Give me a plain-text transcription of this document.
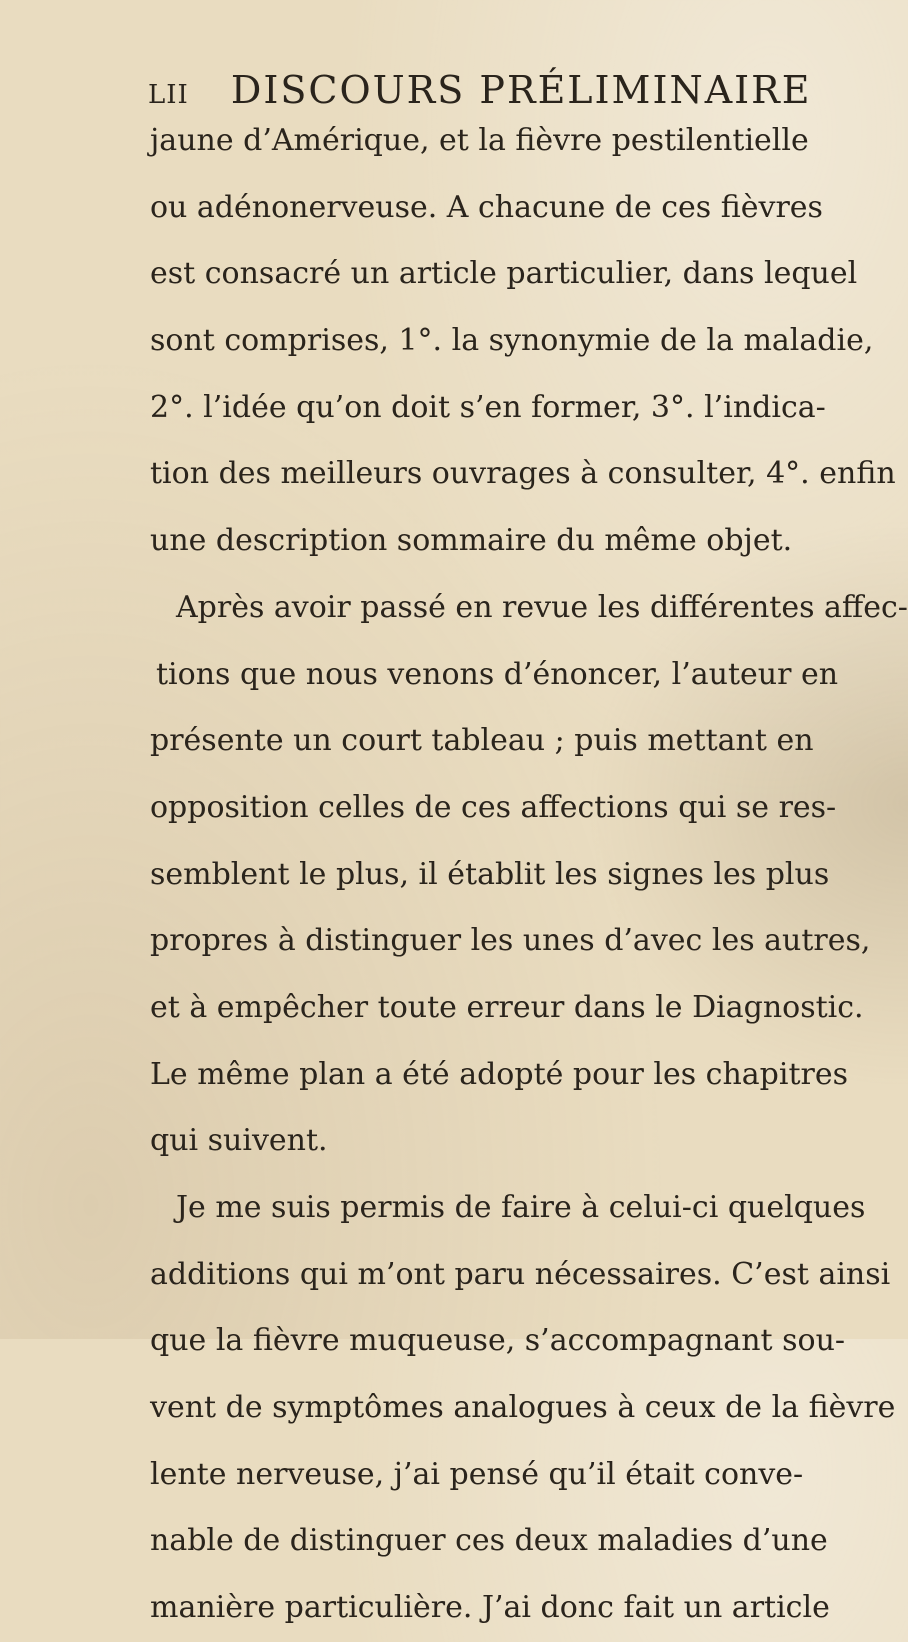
LII DISCOURS PRÉLIMINAIRE
jaune d’Amérique, et la fièvre pestilentielle
ou adénonerveuse. A chacune de ces fièvres
est consacré un article particulier, dans lequel
sont comprises, 1°. la synonymie de la maladie,
2°. l’idée qu’on doit s’en former, 3°. l’indica-
tion des meilleurs ouvrages à consulter, 4°. enfin
une description sommaire du même objet.
Après avoir passé en revue les différentes affec-
tions que nous venons d’énoncer, l’auteur en
présente un court tableau ; puis mettant en
opposition celles de ces affections qui se res-
semblent le plus, il établit les signes les plus
propres à distinguer les unes d’avec les autres,
et à empêcher toute erreur dans le Diagnostic.
Le même plan a été adopté pour les chapitres
qui suivent.
Je me suis permis de faire à celui-ci quelques
additions qui m’ont paru nécessaires. C’est ainsi
que la fièvre muqueuse, s’accompagnant sou-
vent de symptômes analogues à ceux de la fièvre
lente nerveuse, j’ai pensé qu’il était conve-
nable de distinguer ces deux maladies d’une
manière particulière. J’ai donc fait un article
